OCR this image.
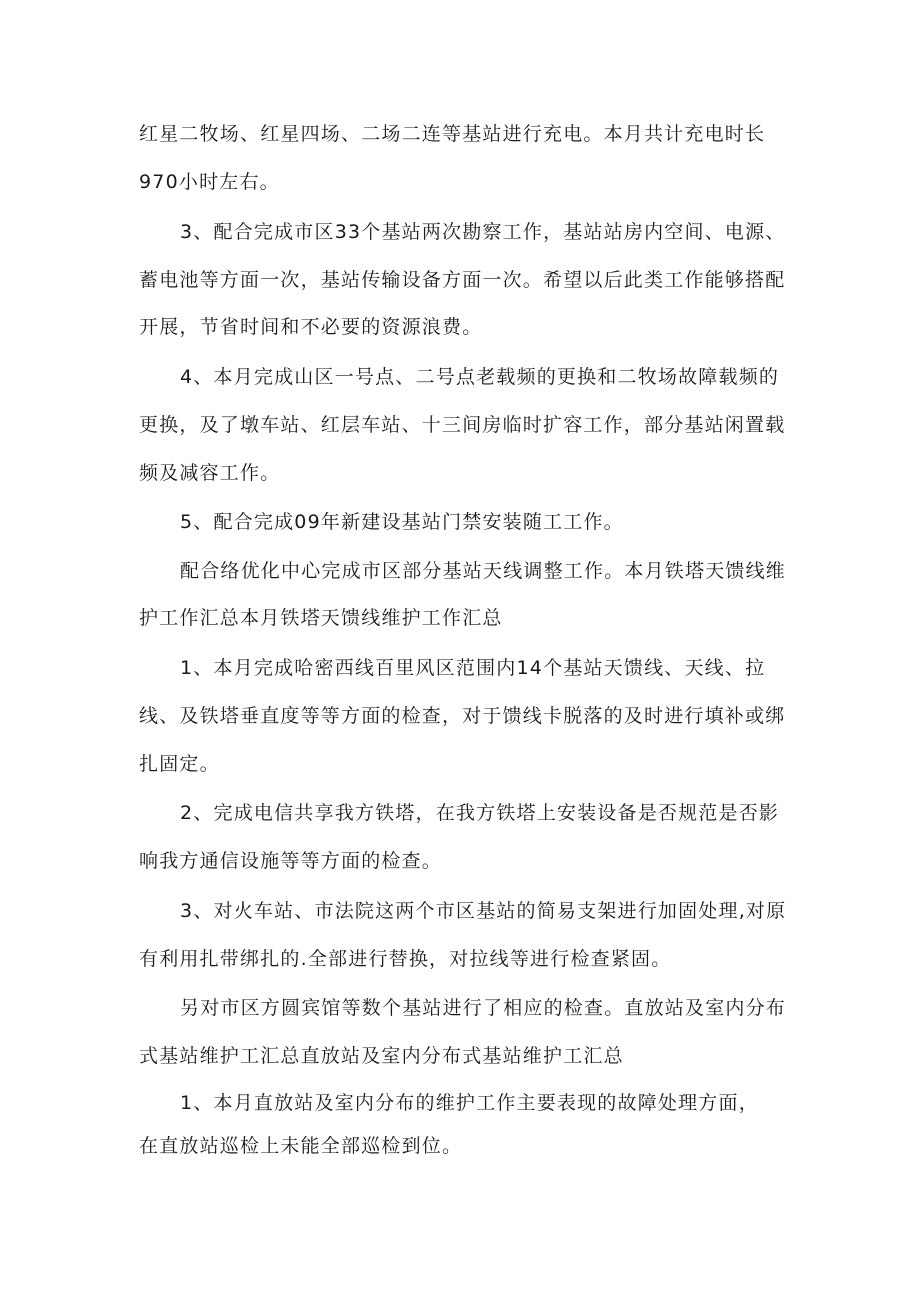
红星二牧场、红星四场、二场二连等基站进行充电。本月共计充电时长
970小时左右。
3、配合完成市区33个基站两次勘察工作，基站站房内空间、电源、
蓄电池等方面一次，基站传输设备方面一次。希望以后此类工作能够搭配
开展，节省时间和不必要的资源浪费。
4、本月完成山区一号点、二号点老载频的更换和二牧场故障载频的
更换，及了墩车站、红层车站、十三间房临时扩容工作，部分基站闲置载
频及减容工作。
5、配合完成09年新建设基站门禁安装随工工作。
配合络优化中心完成市区部分基站天线调整工作。本月铁塔天馈线维
护工作汇总本月铁塔天馈线维护工作汇总
1、本月完成哈密西线百里风区范围内14个基站天馈线、天线、拉
线、及铁塔垂直度等等方面的检查，对于馈线卡脱落的及时进行填补或绑
扎固定。
2、完成电信共享我方铁塔，在我方铁塔上安装设备是否规范是否影
响我方通信设施等等方面的检查。
3、对火车站、市法院这两个市区基站的简易支架进行加固处理,对原
有利用扎带绑扎的.全部进行替换，对拉线等进行检查紧固。
另对市区方圆宾馆等数个基站进行了相应的检查。直放站及室内分布
式基站维护工汇总直放站及室内分布式基站维护工汇总
1、本月直放站及室内分布的维护工作主要表现的故障处理方面，
在直放站巡检上未能全部巡检到位。
